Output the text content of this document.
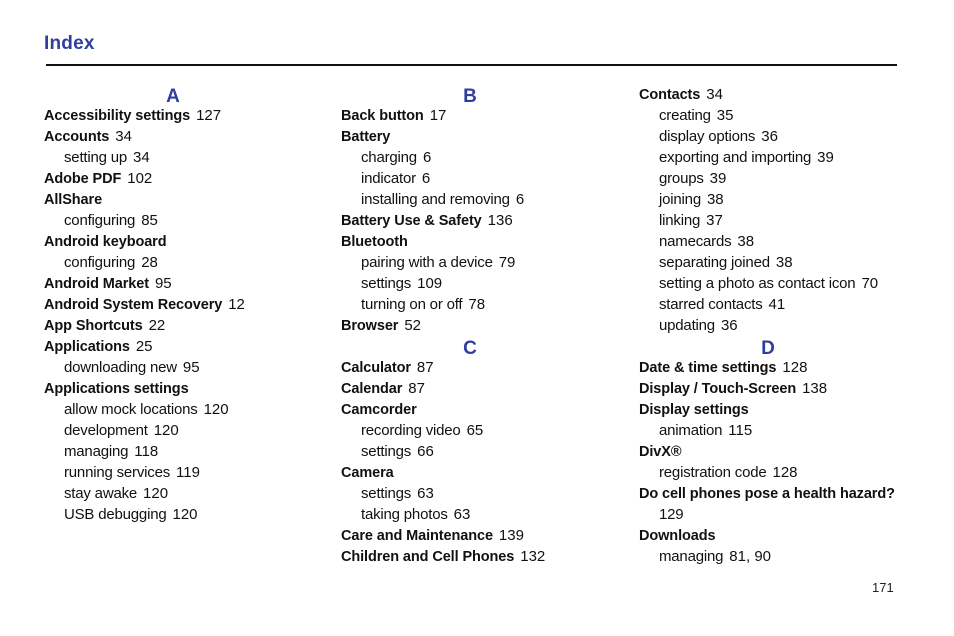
Index
A
Accessibility settings 127
Accounts 34
setting up 34
Adobe PDF 102
AllShare
configuring 85
Android keyboard
configuring 28
Android Market 95
Android System Recovery 12
App Shortcuts 22
Applications 25
downloading new 95
Applications settings
allow mock locations 120
development 120
managing 118
running services 119
stay awake 120
USB debugging 120
B
Back button 17
Battery
charging 6
indicator 6
installing and removing 6
Battery Use & Safety 136
Bluetooth
pairing with a device 79
settings 109
turning on or off 78
Browser 52
C
Calculator 87
Calendar 87
Camcorder
recording video 65
settings 66
Camera
settings 63
taking photos 63
Care and Maintenance 139
Children and Cell Phones 132
Contacts 34
creating 35
display options 36
exporting and importing 39
groups 39
joining 38
linking 37
namecards 38
separating joined 38
setting a photo as contact icon 70
starred contacts 41
updating 36
D
Date & time settings 128
Display / Touch-Screen 138
Display settings
animation 115
DivX®
registration code 128
Do cell phones pose a health hazard?
129
Downloads
managing 81, 90
171
